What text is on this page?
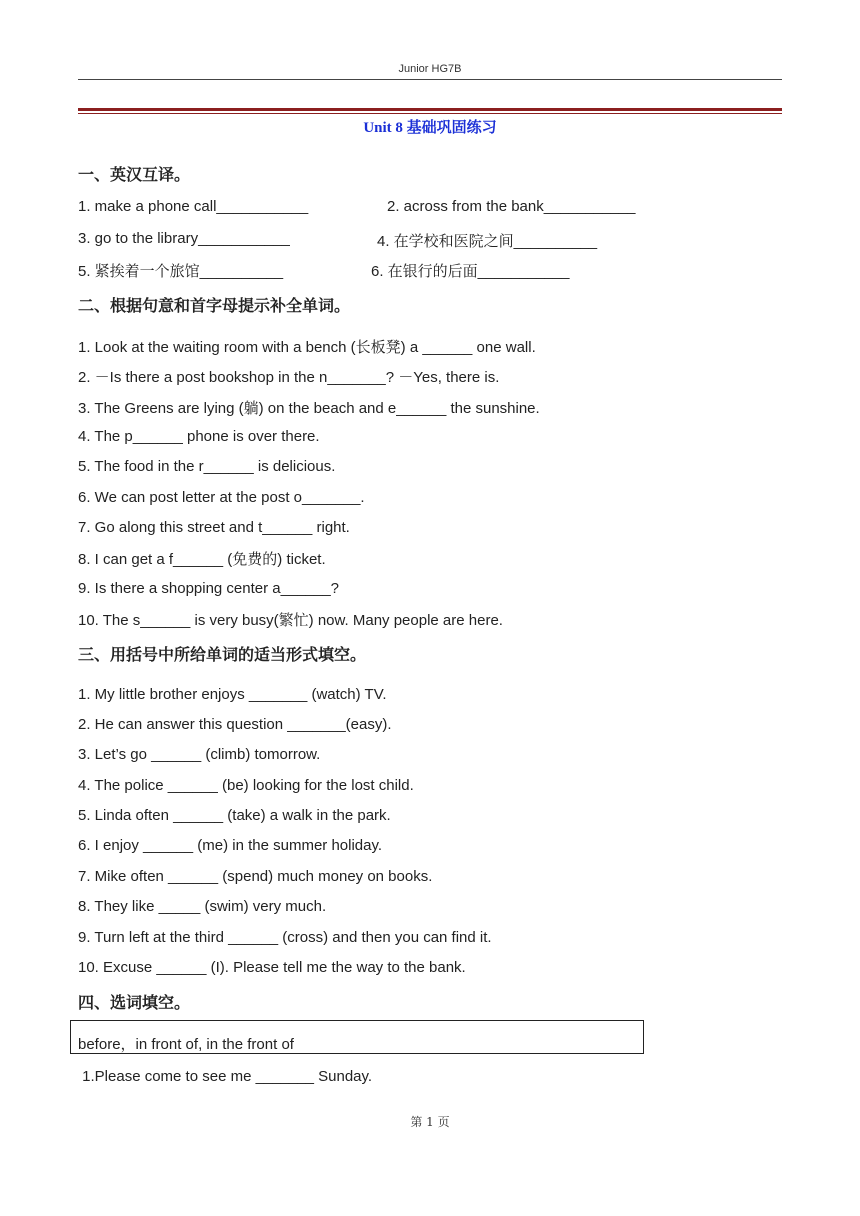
Junior HG7B
Unit 8 基础巩固练习
一、英汉互译。
1. make a phone call___________	2. across from the bank___________
3. go to the library___________	4. 在学校和医院之间__________
5. 紧挨着一个旅馆__________	6. 在银行的后面___________
二、根据句意和首字母提示补全单词。
1. Look at the waiting room with a bench (长板凳) a ______ one wall.
2. －Is there a post bookshop in the n_______? －Yes, there is.
3. The Greens are lying (躺) on the beach and e______ the sunshine.
4. The p______ phone is over there.
5. The food in the r______ is delicious.
6. We can post letter at the post o_______.
7. Go along this street and t______ right.
8. I can get a f______ (免费的) ticket.
9. Is there a shopping center a______?
10. The s______ is very busy(繁忙) now. Many people are here.
三、用括号中所给单词的适当形式填空。
1. My little brother enjoys _______ (watch) TV.
2. He can answer this question _______(easy).
3. Let’s go ______ (climb) tomorrow.
4. The police ______ (be) looking for the lost child.
5. Linda often ______ (take) a walk in the park.
6. I enjoy ______ (me) in the summer holiday.
7. Mike often ______ (spend) much money on books.
8. They like _____ (swim) very much.
9. Turn left at the third ______ (cross) and then you can find it.
10. Excuse ______ (I). Please tell me the way to the bank.
四、选词填空。
before，in front of, in the front of
1.Please come to see me _______ Sunday.
第 1 页
